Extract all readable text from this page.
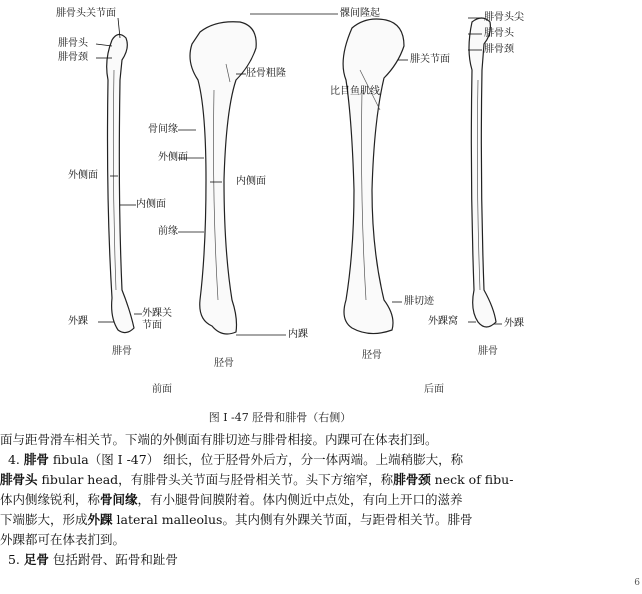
腓骨头关节面
腓骨头
腓骨颈
骨间缘
外侧面
外侧面
内侧面
内侧面
前缘
外踝
外踝关节面
髁间隆起
胫骨粗隆
内踝
腓关节面
比目鱼肌线
腓切迹
腓骨头尖
腓骨头
腓骨颈
外踝窝	外踝
腓骨
胫骨
胫骨	腓骨
前面	后面
图 I -47 胫骨和腓骨（右侧）

面与距骨滑车相关节。下端的外侧面有腓切迹与腓骨相接。内踝可在体表扪到。

4. 腓骨 fibula（图 I -47） 细长，位于胫骨外后方，分一体两端。上端稍膨大，称

腓骨头 fibular head，有腓骨头关节面与胫骨相关节。头下方缩窄，称腓骨颈 neck of fibu-

体内侧缘锐利，称骨间缘，有小腿骨间膜附着。体内侧近中点处，有向上开口的滋养

下端膨大，形成外踝 lateral malleolus。其内侧有外踝关节面，与距骨相关节。腓骨

外踝都可在体表扪到。

5. 足骨 包括跗骨、跖骨和趾骨

6
